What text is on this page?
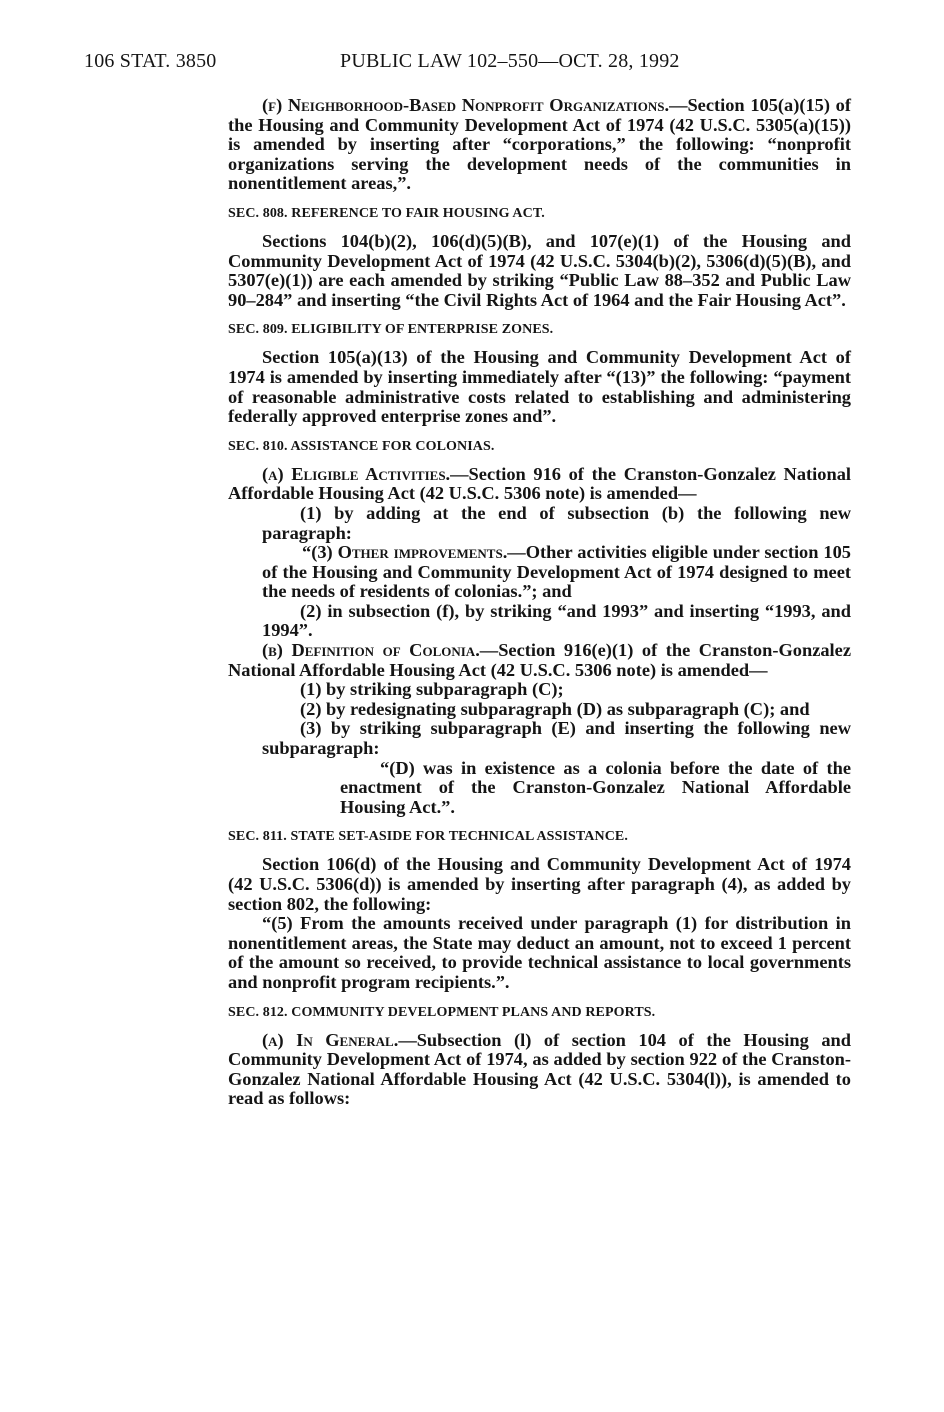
106 STAT. 3850	PUBLIC LAW 102–550—OCT. 28, 1992

(f) Neighborhood-Based Nonprofit Organizations.—Section 105(a)(15) of the Housing and Community Development Act of 1974 (42 U.S.C. 5305(a)(15)) is amended by inserting after “corporations,” the following: “nonprofit organizations serving the development needs of the communities in nonentitlement areas,”.

SEC. 808. REFERENCE TO FAIR HOUSING ACT.

Sections 104(b)(2), 106(d)(5)(B), and 107(e)(1) of the Housing and Community Development Act of 1974 (42 U.S.C. 5304(b)(2), 5306(d)(5)(B), and 5307(e)(1)) are each amended by striking “Public Law 88–352 and Public Law 90–284” and inserting “the Civil Rights Act of 1964 and the Fair Housing Act”.

SEC. 809. ELIGIBILITY OF ENTERPRISE ZONES.

Section 105(a)(13) of the Housing and Community Development Act of 1974 is amended by inserting immediately after “(13)” the following: “payment of reasonable administrative costs related to establishing and administering federally approved enterprise zones and”.

SEC. 810. ASSISTANCE FOR COLONIAS.

(a) Eligible Activities.—Section 916 of the Cranston-Gonzalez National Affordable Housing Act (42 U.S.C. 5306 note) is amended—

(1) by adding at the end of subsection (b) the following new paragraph:

“(3) Other improvements.—Other activities eligible under section 105 of the Housing and Community Development Act of 1974 designed to meet the needs of residents of colonias.”; and

(2) in subsection (f), by striking “and 1993” and inserting “1993, and 1994”.

(b) Definition of Colonia.—Section 916(e)(1) of the Cranston-Gonzalez National Affordable Housing Act (42 U.S.C. 5306 note) is amended—

(1) by striking subparagraph (C);

(2) by redesignating subparagraph (D) as subparagraph (C); and

(3) by striking subparagraph (E) and inserting the following new subparagraph:

“(D) was in existence as a colonia before the date of the enactment of the Cranston-Gonzalez National Affordable Housing Act.”.

SEC. 811. STATE SET-ASIDE FOR TECHNICAL ASSISTANCE.

Section 106(d) of the Housing and Community Development Act of 1974 (42 U.S.C. 5306(d)) is amended by inserting after paragraph (4), as added by section 802, the following:

“(5) From the amounts received under paragraph (1) for distribution in nonentitlement areas, the State may deduct an amount, not to exceed 1 percent of the amount so received, to provide technical assistance to local governments and nonprofit program recipients.”.

SEC. 812. COMMUNITY DEVELOPMENT PLANS AND REPORTS.

(a) In General.—Subsection (l) of section 104 of the Housing and Community Development Act of 1974, as added by section 922 of the Cranston-Gonzalez National Affordable Housing Act (42 U.S.C. 5304(l)), is amended to read as follows:
